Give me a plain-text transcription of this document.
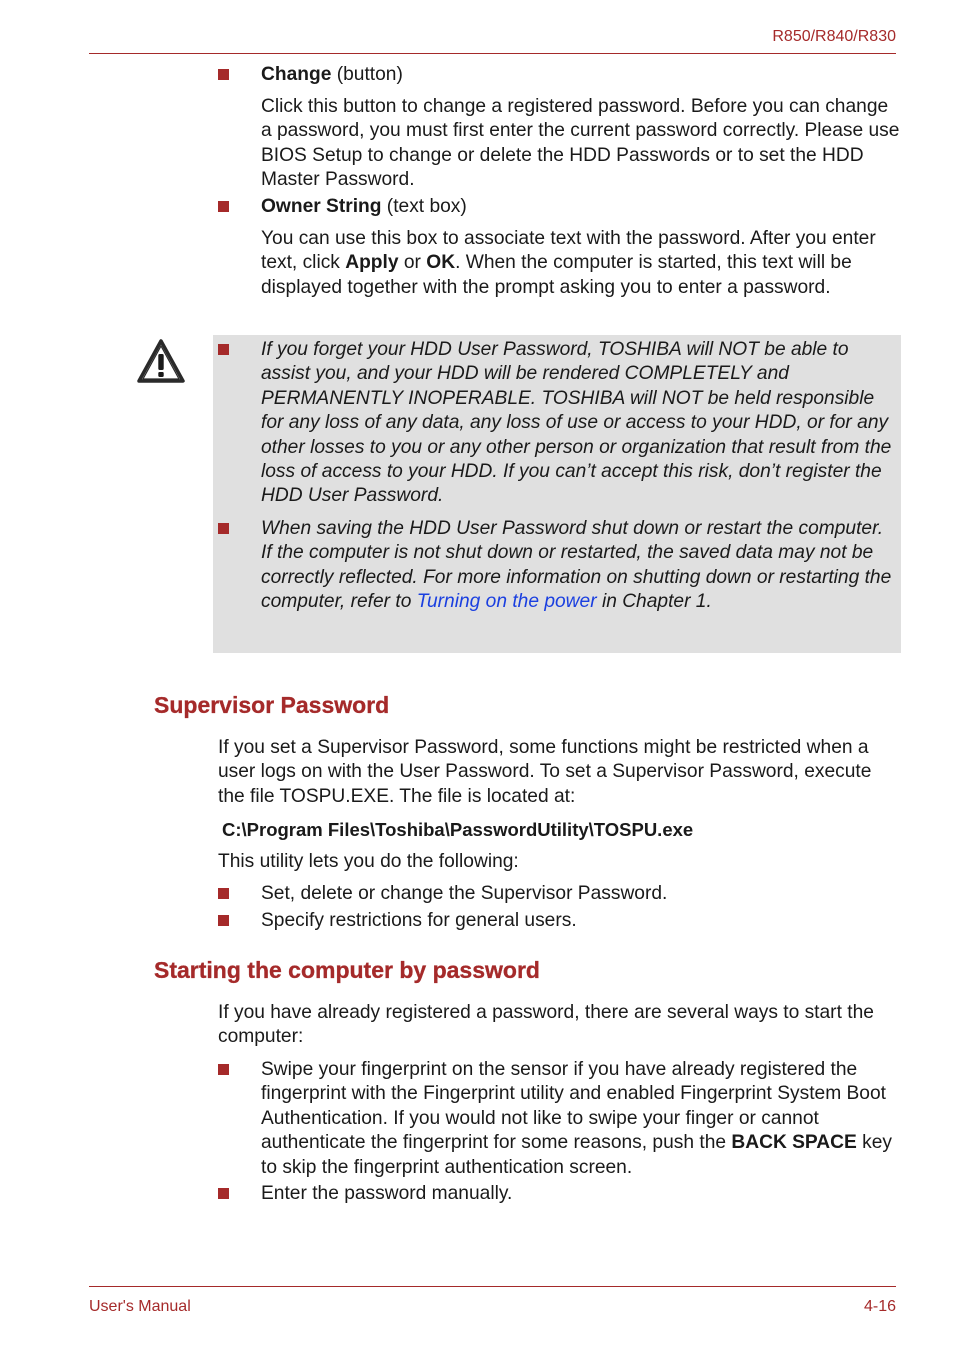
R850/R840/R830
Change (button)
Click this button to change a registered password. Before you can change a password, you must first enter the current password correctly. Please use BIOS Setup to change or delete the HDD Passwords or to set the HDD Master Password.
Owner String (text box)
You can use this box to associate text with the password. After you enter text, click Apply or OK. When the computer is started, this text will be displayed together with the prompt asking you to enter a password.
If you forget your HDD User Password, TOSHIBA will NOT be able to assist you, and your HDD will be rendered COMPLETELY and PERMANENTLY INOPERABLE. TOSHIBA will NOT be held responsible for any loss of any data, any loss of use or access to your HDD, or for any other losses to you or any other person or organization that result from the loss of access to your HDD. If you can’t accept this risk, don’t register the HDD User Password.
When saving the HDD User Password shut down or restart the computer. If the computer is not shut down or restarted, the saved data may not be correctly reflected. For more information on shutting down or restarting the computer, refer to Turning on the power in Chapter 1.
Supervisor Password
If you set a Supervisor Password, some functions might be restricted when a user logs on with the User Password. To set a Supervisor Password, execute the file TOSPU.EXE. The file is located at:
C:\Program Files\Toshiba\PasswordUtility\TOSPU.exe
This utility lets you do the following:
Set, delete or change the Supervisor Password.
Specify restrictions for general users.
Starting the computer by password
If you have already registered a password, there are several ways to start the computer:
Swipe your fingerprint on the sensor if you have already registered the fingerprint with the Fingerprint utility and enabled Fingerprint System Boot Authentication. If you would not like to swipe your finger or cannot authenticate the fingerprint for some reasons, push the BACK SPACE key to skip the fingerprint authentication screen.
Enter the password manually.
User's Manual	4-16
